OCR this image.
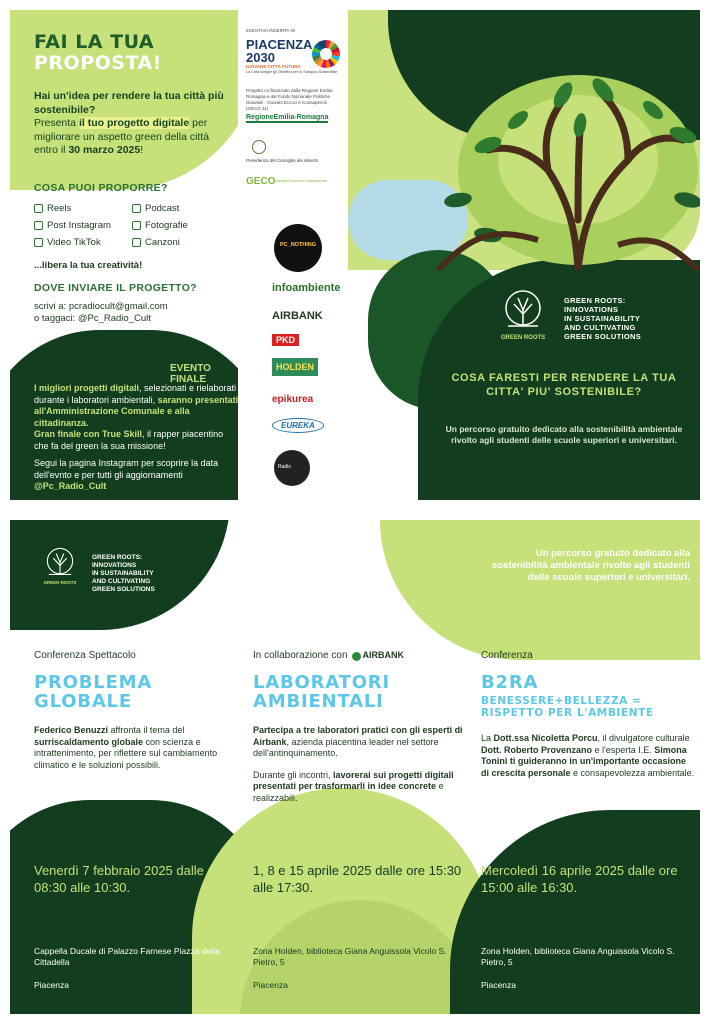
FAI LA TUA
PROPOSTA!
Hai un'idea per rendere la tua città più sostenibile?
Presenta il tuo progetto digitale per migliorare un aspetto green della città entro il 30 marzo 2025!
COSA PUOI PROPORRE?
Reels	Podcast
Post Instagram	Fotografie
Video TikTok	Canzoni
...libera la tua creatività!
DOVE INVIARE IL PROGETTO?
scrivi a: pcradiocult@gmail.com
o taggaci: @Pc_Radio_Cult
EVENTO FINALE
I migliori progetti digitali, selezionati e rielaborati durante i laboratori ambientali, saranno presentati all'Amministrazione Comunale e alla cittadinanza.
Gran finale con True Skill, il rapper piacentino che fa del green la sua missione!
Segui la pagina Instagram per scoprire la data dell'evnto e per tutti gli aggiornamenti @Pc_Radio_Cult
INIZIATIVA INSERITA IN
PIACENZA
2030
GIOVANE CITTÀ FUTURA
La Città sceglie gli Obiettivi per lo Sviluppo Sostenibile
Progetto co-finanziato dalla Regione Emilia-Romagna e dal Fondo Nazionale Politiche Giovanili - Giovani Eccoci e Consapevoli (GECO 11)
RegioneEmilia-Romagna
Presidenza del Consiglio dei Ministri
GECO
Giovani Eccoci e Consapevoli
PC_NOTHING
infoambiente
AIRBANK
PKD
HOLDEN
epikurea
EUREKA
Radio
GREEN ROOTS
GREEN ROOTS:
INNOVATIONS
IN SUSTAINABILITY
AND CULTIVATING
GREEN SOLUTIONS
COSA FARESTI PER RENDERE LA TUA CITTA' PIU' SOSTENIBILE?
Un percorso gratuito dedicato alla sostenibilità ambientale rivolto agli studenti delle scuole superiori e universitari.
GREEN ROOTS
GREEN ROOTS:
INNOVATIONS
IN SUSTAINABILITY
AND CULTIVATING
GREEN SOLUTIONS
Un percorso gratuito dedicato alla sostenibilità ambientale rivolto agli studenti delle scuole superiori e universitari.
Conferenza Spettacolo
PROBLEMA
GLOBALE

Federico Benuzzi affronta il tema del surriscaldamento globale con scienza e intrattenimento, per riflettere sul cambiamento climatico e le soluzioni possibili.

In collaborazione con	AIRBANK
LABORATORI
AMBIENTALI

Partecipa a tre laboratori pratici con gli esperti di Airbank, azienda piacentina leader nel settore dell'antinquinamento.

Durante gli incontri, lavorerai sui progetti digitali presentati per trasformarli in idee concrete e realizzabili.

Conferenza
B2RA
BENESSERE+BELLEZZA = RISPETTO PER L'AMBIENTE

La Dott.ssa Nicoletta Porcu, il divulgatore culturale Dott. Roberto Provenzano e l'esperta I.E. Simona Tonini ti guideranno in un'importante occasione di crescita personale e consapevolezza ambientale.

Venerdì 7 febbraio 2025 dalle ore 08:30 alle 10:30.
Cappella Ducale di Palazzo Farnese Piazza della Cittadella
Piacenza
1, 8 e 15 aprile 2025 dalle ore 15:30 alle 17:30.
Zona Holden, biblioteca Giana Anguissola Vicolo S. Pietro, 5
Piacenza
Mercoledì 16 aprile 2025 dalle ore 15:00 alle 16:30.
Zona Holden, biblioteca Giana Anguissola Vicolo S. Pietro, 5
Piacenza
